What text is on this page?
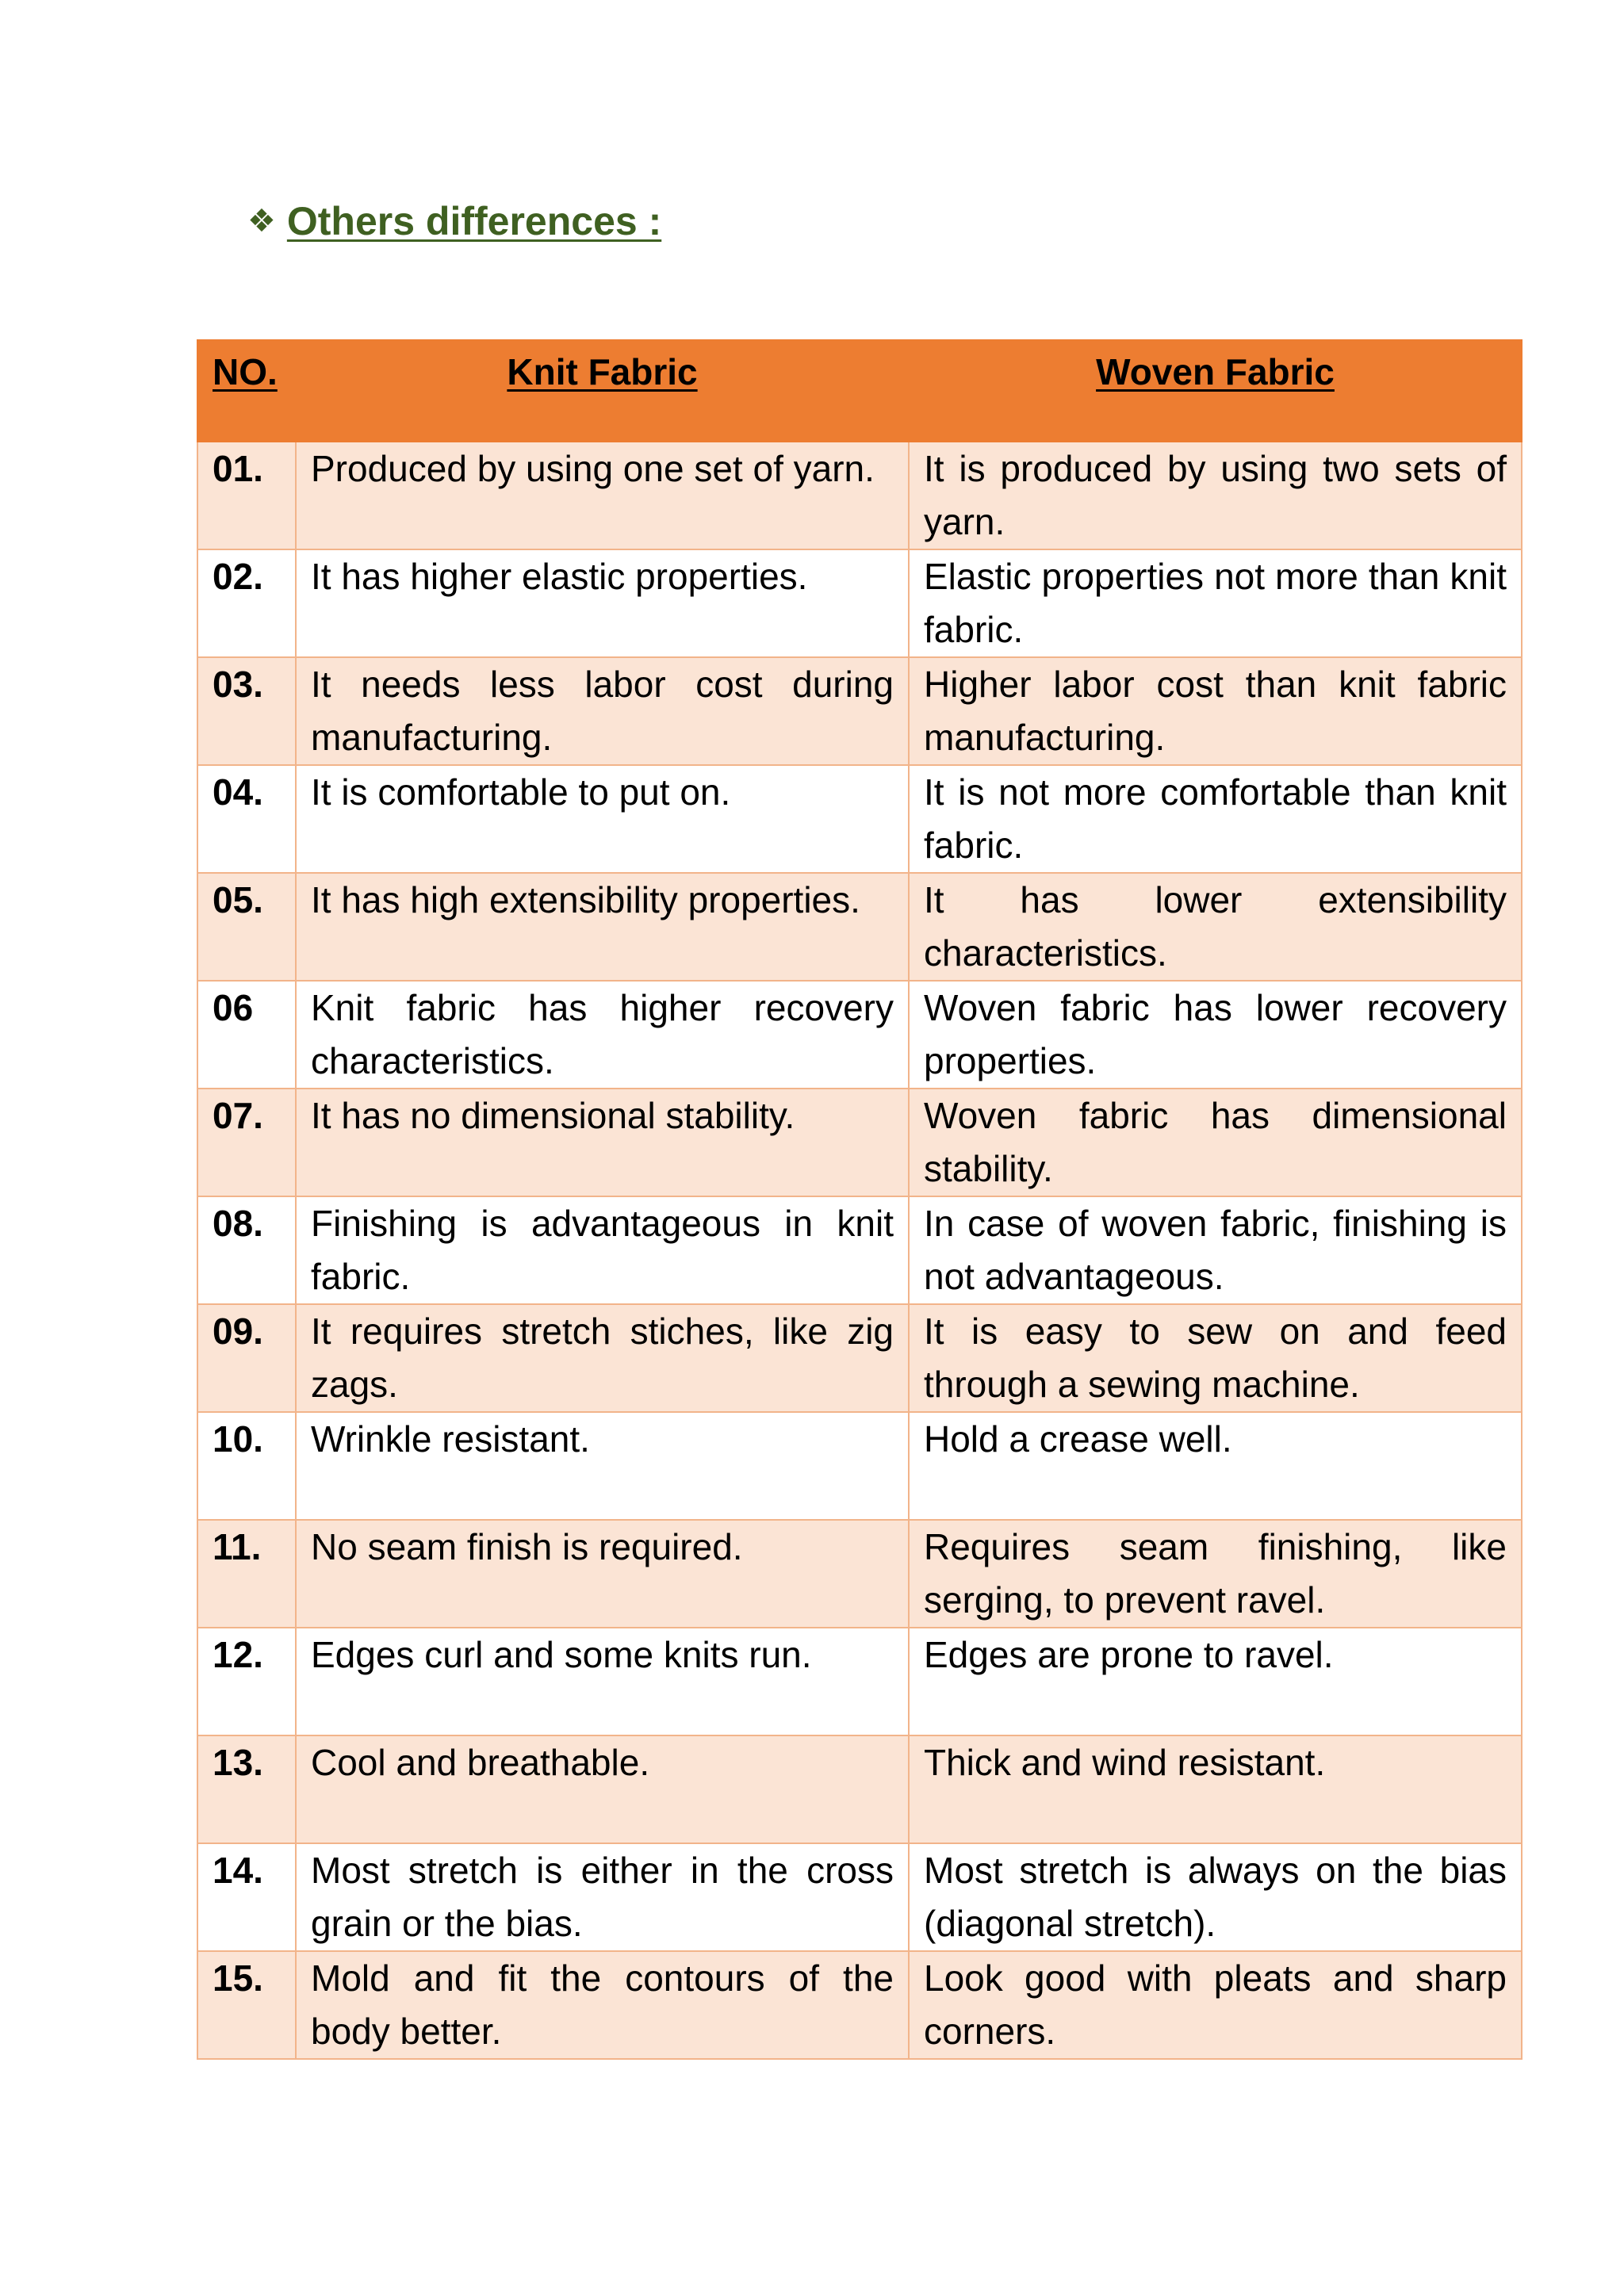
❖ Others differences :
NO.	Knit Fabric	Woven Fabric
01.	Produced by using one set of yarn.	It is produced by using two sets of yarn.
02.	It has higher elastic properties.	Elastic properties not more than knit fabric.
03.	It needs less labor cost during manufacturing.	Higher labor cost than knit fabric manufacturing.
04.	It is comfortable to put on.	It is not more comfortable than knit fabric.
05.	It has high extensibility properties.	It has lower extensibility characteristics.
06	Knit fabric has higher recovery characteristics.	Woven fabric has lower recovery properties.
07.	It has no dimensional stability.	Woven fabric has dimensional stability.
08.	Finishing is advantageous in knit fabric.	In case of woven fabric, finishing is not advantageous.
09.	It requires stretch stiches, like zig zags.	It is easy to sew on and feed through a sewing machine.
10.	Wrinkle resistant.	Hold a crease well.
11.	No seam finish is required.	Requires seam finishing, like serging, to prevent ravel.
12.	Edges curl and some knits run.	Edges are prone to ravel.
13.	Cool and breathable.	Thick and wind resistant.
14.	Most stretch is either in the cross grain or the bias.	Most stretch is always on the bias (diagonal stretch).
15.	Mold and fit the contours of the body better.	Look good with pleats and sharp corners.
